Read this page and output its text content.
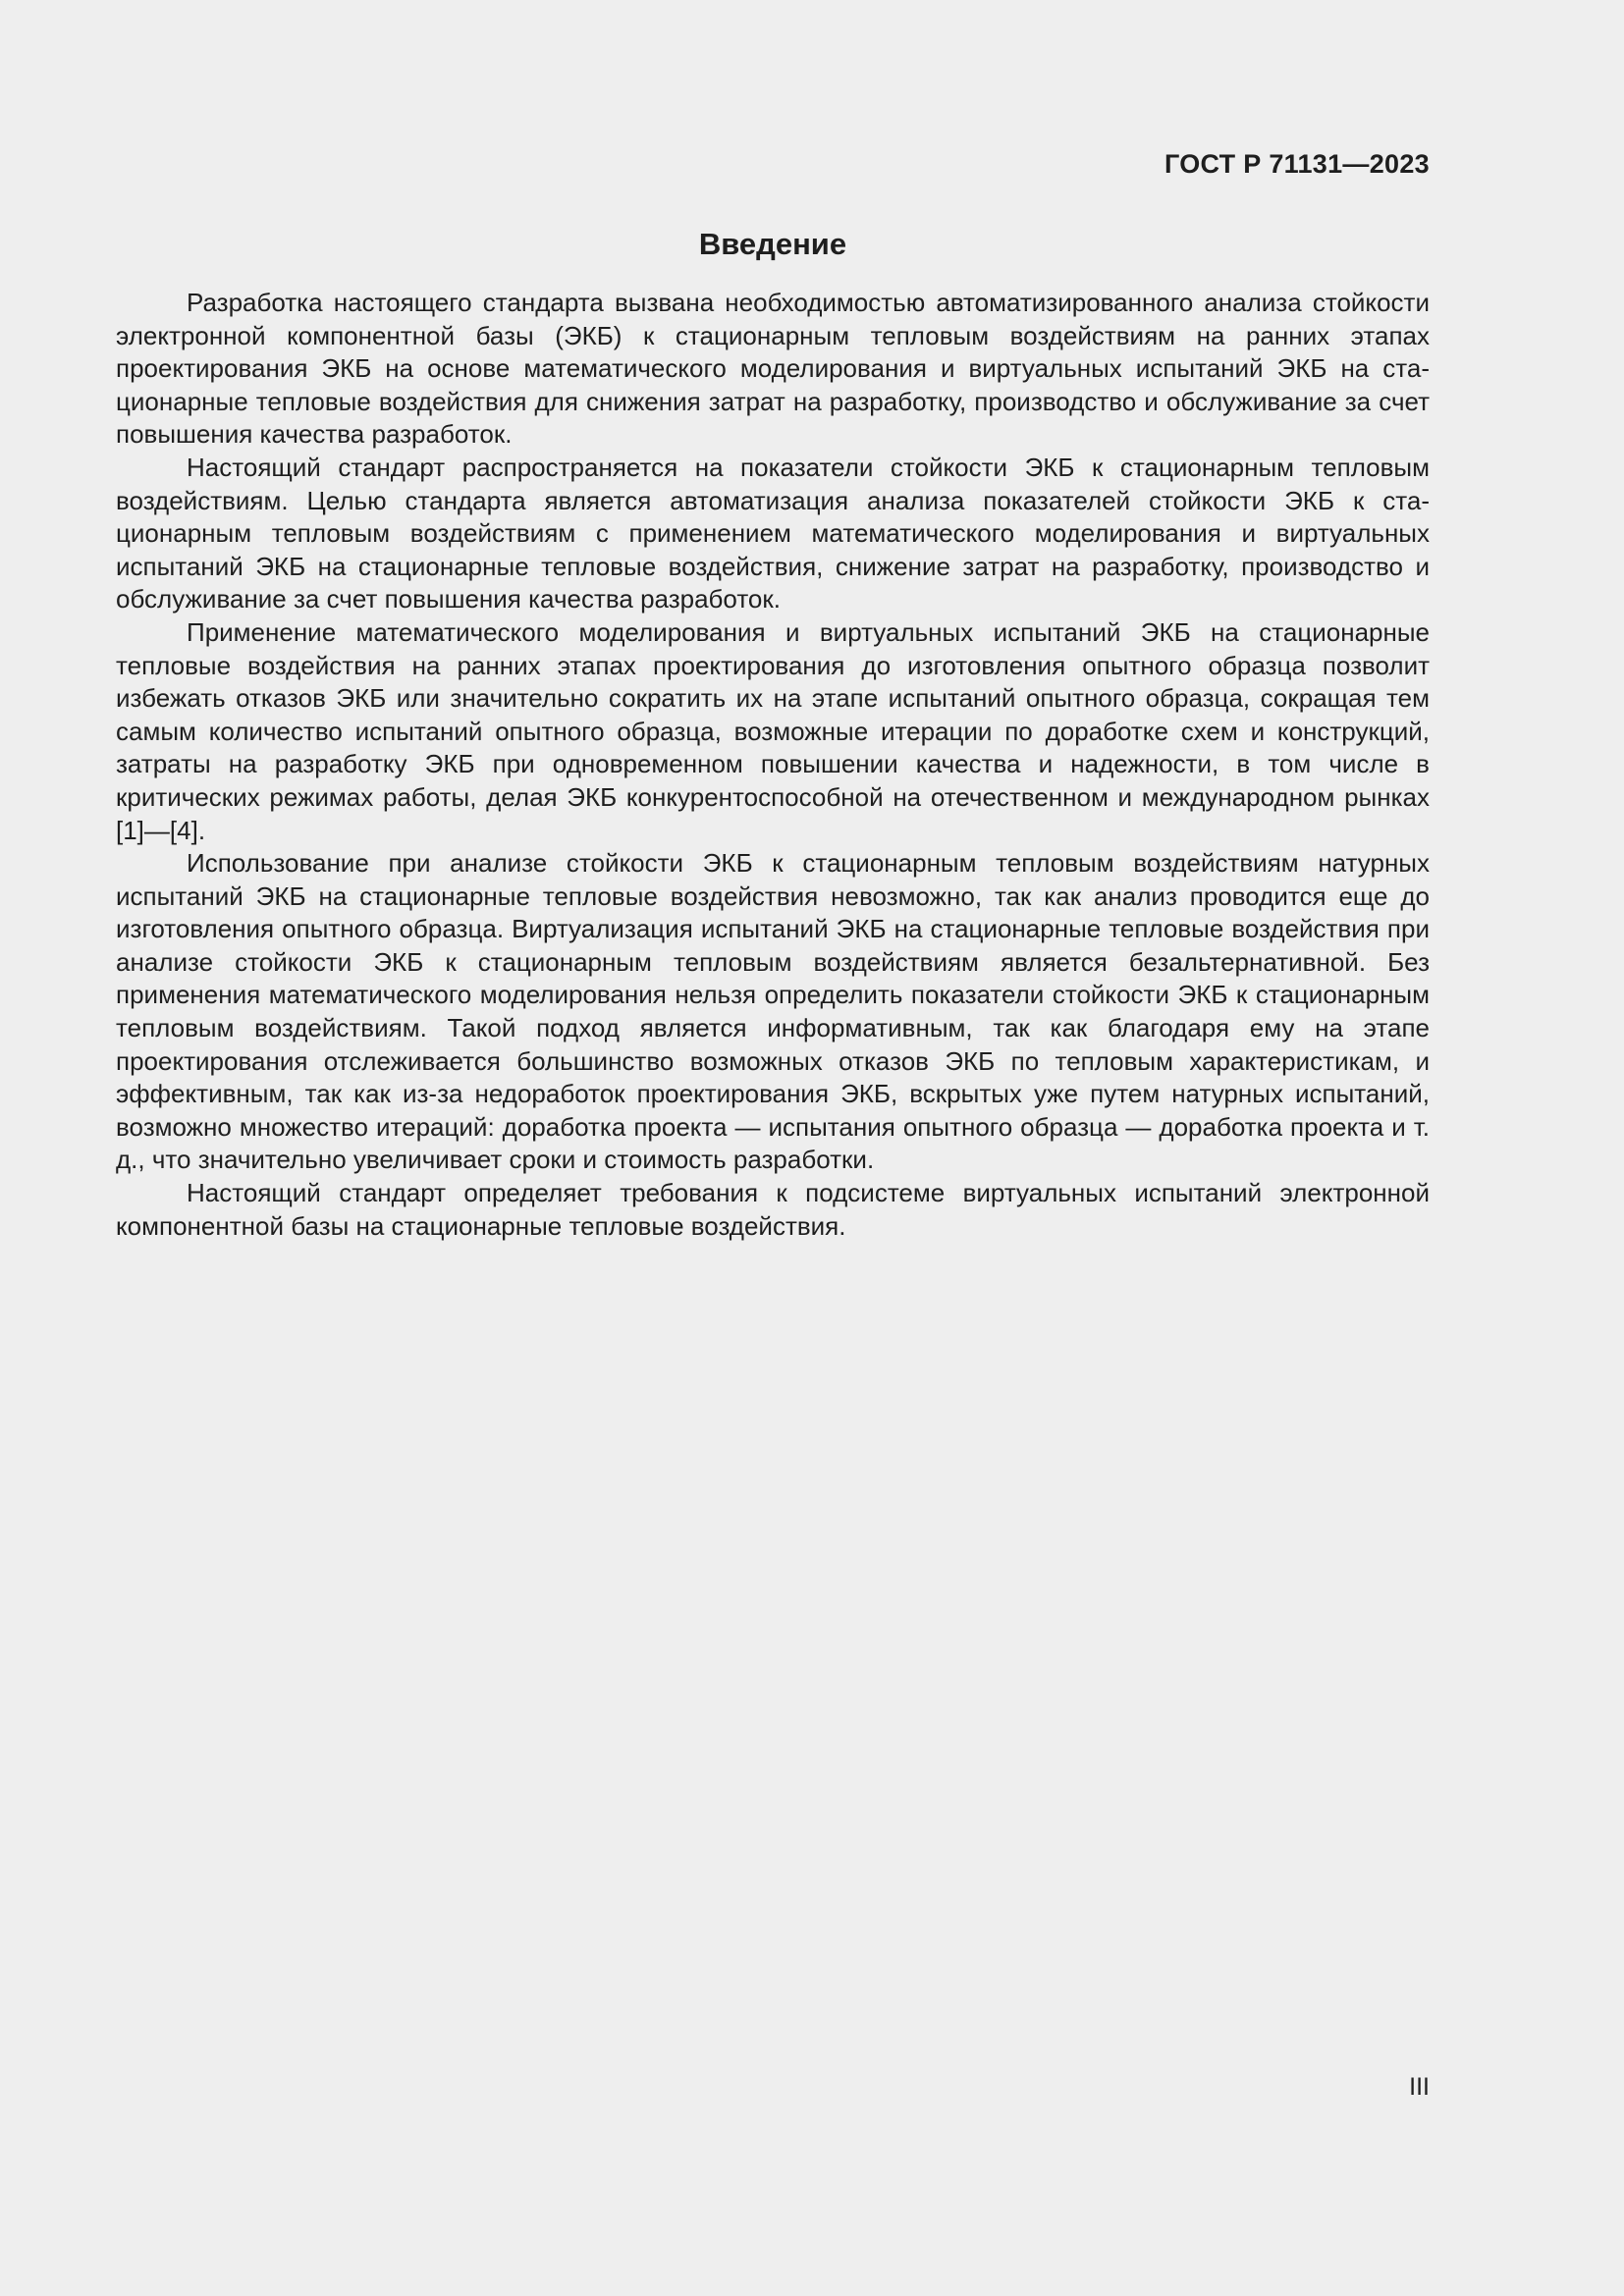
ГОСТ Р 71131—2023
Введение

Разработка настоящего стандарта вызвана необходимостью автоматизированного анализа стойкости электронной компонентной базы (ЭКБ) к стационарным тепловым воздействиям на ранних этапах проектирования ЭКБ на основе математического моделирования и виртуальных испытаний ЭКБ на стационарные тепловые воздействия для снижения затрат на разработку, производство и обслуживание за счет повышения качества разработок.

Настоящий стандарт распространяется на показатели стойкости ЭКБ к стационарным тепловым воздействиям. Целью стандарта является автоматизация анализа показателей стойкости ЭКБ к стационарным тепловым воздействиям с применением математического моделирования и виртуальных испытаний ЭКБ на стационарные тепловые воздействия, снижение затрат на разработку, производство и обслуживание за счет повышения качества разработок.

Применение математического моделирования и виртуальных испытаний ЭКБ на стационарные тепловые воздействия на ранних этапах проектирования до изготовления опытного образца позволит избежать отказов ЭКБ или значительно сократить их на этапе испытаний опытного образца, сокращая тем самым количество испытаний опытного образца, возможные итерации по доработке схем и конструкций, затраты на разработку ЭКБ при одновременном повышении качества и надежности, в том числе в критических режимах работы, делая ЭКБ конкурентоспособной на отечественном и международном рынках [1]—[4].

Использование при анализе стойкости ЭКБ к стационарным тепловым воздействиям натурных испытаний ЭКБ на стационарные тепловые воздействия невозможно, так как анализ проводится еще до изготовления опытного образца. Виртуализация испытаний ЭКБ на стационарные тепловые воздействия при анализе стойкости ЭКБ к стационарным тепловым воздействиям является безальтернативной. Без применения математического моделирования нельзя определить показатели стойкости ЭКБ к стационарным тепловым воздействиям. Такой подход является информативным, так как благодаря ему на этапе проектирования отслеживается большинство возможных отказов ЭКБ по тепловым характеристикам, и эффективным, так как из-за недоработок проектирования ЭКБ, вскрытых уже путем натурных испытаний, возможно множество итераций: доработка проекта — испытания опытного образца — доработка проекта и т. д., что значительно увеличивает сроки и стоимость разработки.

Настоящий стандарт определяет требования к подсистеме виртуальных испытаний электронной компонентной базы на стационарные тепловые воздействия.

III
